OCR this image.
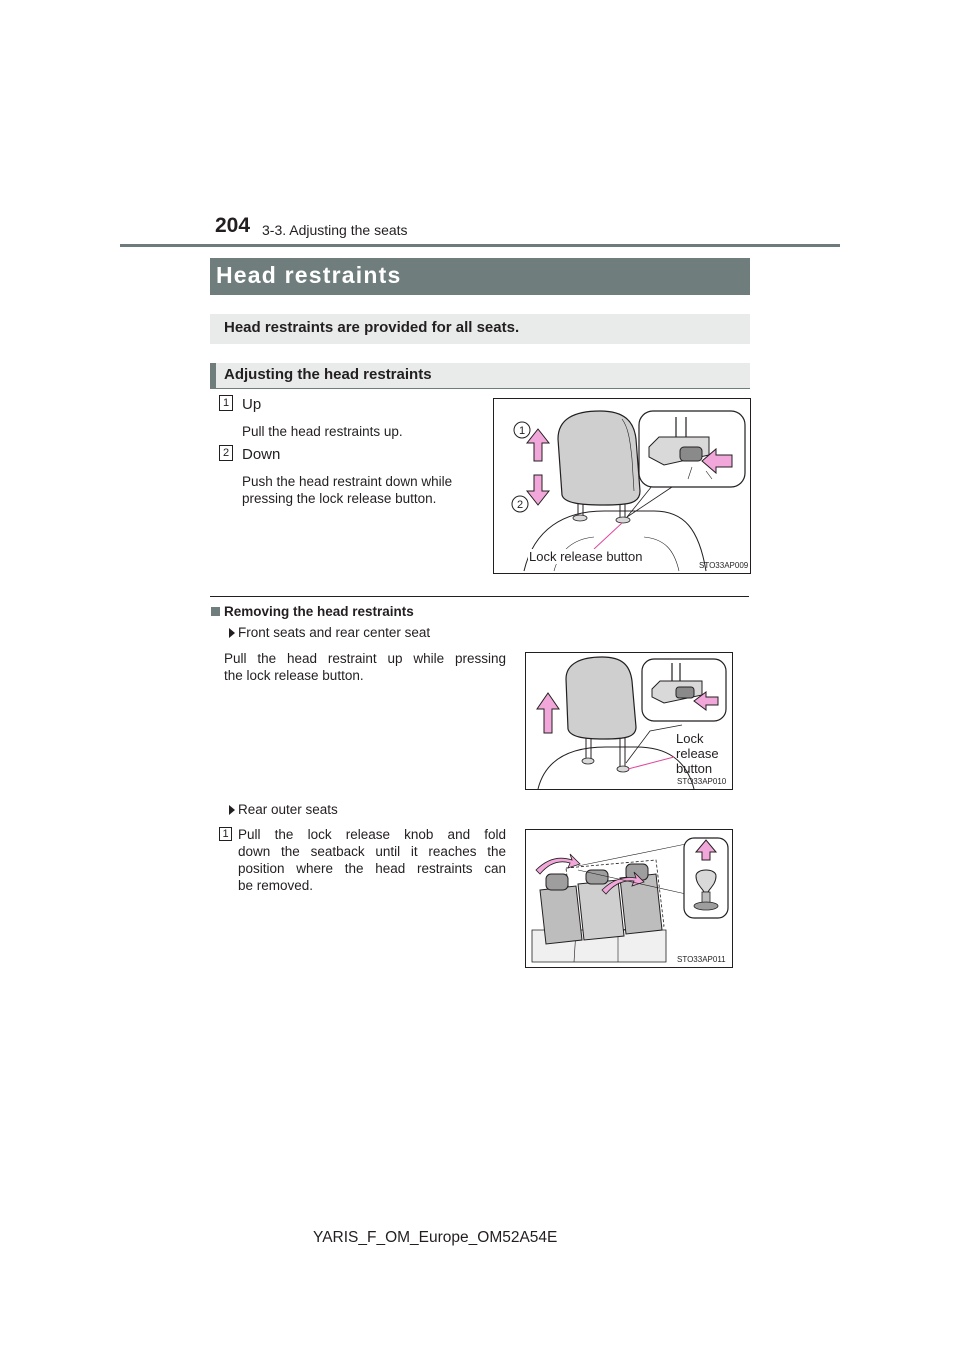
204 3-3. Adjusting the seats
Head restraints
Head restraints are provided for all seats.
Adjusting the head restraints
1 Up
Pull the head restraints up.
2 Down
Push the head restraint down while
pressing the lock release button.
1
2
Lock release button
STO33AP009
Removing the head restraints
Front seats and rear center seat
Pull the head restraint up while pressing
the lock release button.
Lock
release
button
STO33AP010
Rear outer seats
1 Pull the lock release knob and fold
down the seatback until it reaches the
position where the head restraints can
be removed.
STO33AP011
YARIS_F_OM_Europe_OM52A54E
